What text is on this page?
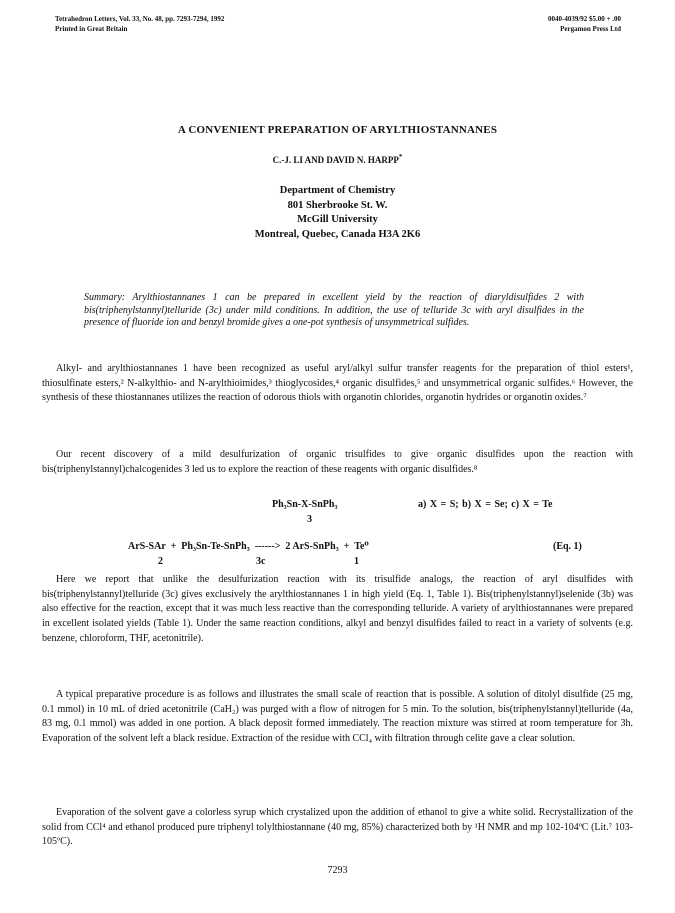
Tetrahedron Letters, Vol. 33, No. 48, pp. 7293-7294, 1992
Printed in Great Britain
0040-4039/92 $5.00 + .00
Pergamon Press Ltd
A CONVENIENT PREPARATION OF ARYLTHIOSTANNANES
C.-J. LI AND DAVID N. HARPP*
Department of Chemistry
801 Sherbrooke St. W.
McGill University
Montreal, Quebec, Canada H3A 2K6
Summary: Arylthiostannanes 1 can be prepared in excellent yield by the reaction of diaryldisulfides 2 with bis(triphenylstannyl)telluride (3c) under mild conditions. In addition, the use of telluride 3c with aryl disulfides in the presence of fluoride ion and benzyl bromide gives a one-pot synthesis of unsymmetrical sulfides.
Alkyl- and arylthiostannanes 1 have been recognized as useful aryl/alkyl sulfur transfer reagents for the preparation of thiol esters¹, thiosulfinate esters,² N-alkylthio- and N-arylthioimides,³ thioglycosides,⁴ organic disulfides,⁵ and unsymmetrical organic sulfides.⁶ However, the synthesis of these thiostannanes utilizes the reaction of odorous thiols with organotin chlorides, organotin hydrides or organotin oxides.⁷
Our recent discovery of a mild desulfurization of organic trisulfides to give organic disulfides upon the reaction with bis(triphenylstannyl)chalcogenides 3 led us to explore the reaction of these reagents with organic disulfides.⁸
Ph₃Sn-X-SnPh₃
3
a) X = S; b) X = Se; c) X = Te
ArS-SAr  +  Ph₃Sn-Te-SnPh₃  ------>  2 ArS-SnPh₃  +  Te⁰	(Eq. 1)
2	3c	1
Here we report that unlike the desulfurization reaction with its trisulfide analogs, the reaction of aryl disulfides with bis(triphenylstannyl)telluride (3c) gives exclusively the arylthiostannanes 1 in high yield (Eq. 1, Table 1). Bis(triphenylstannyl)selenide (3b) was also effective for the reaction, except that it was much less reactive than the corresponding telluride. A variety of arylthiostannanes were prepared in excellent isolated yields (Table 1). Under the same reaction conditions, alkyl and benzyl disulfides failed to react in a variety of solvents (e.g. benzene, chloroform, THF, acetonitrile).
A typical preparative procedure is as follows and illustrates the small scale of reaction that is possible. A solution of ditolyl disulfide (25 mg, 0.1 mmol) in 10 mL of dried acetonitrile (CaH₂) was purged with a flow of nitrogen for 5 min. To the solution, bis(triphenylstannyl)telluride (4a, 83 mg, 0.1 mmol) was added in one portion. A black deposit formed immediately. The reaction mixture was stirred at room temperature for 3h. Evaporation of the solvent left a black residue. Extraction of the residue with CCl₄ with filtration through celite gave a clear solution.
Evaporation of the solvent gave a colorless syrup which crystalized upon the addition of ethanol to give a white solid. Recrystallization of the solid from CCl⁴ and ethanol produced pure triphenyl tolylthiostannane (40 mg, 85%) characterized both by ¹H NMR and mp 102-104ºC (Lit.⁷ 103-105ºC).
7293
